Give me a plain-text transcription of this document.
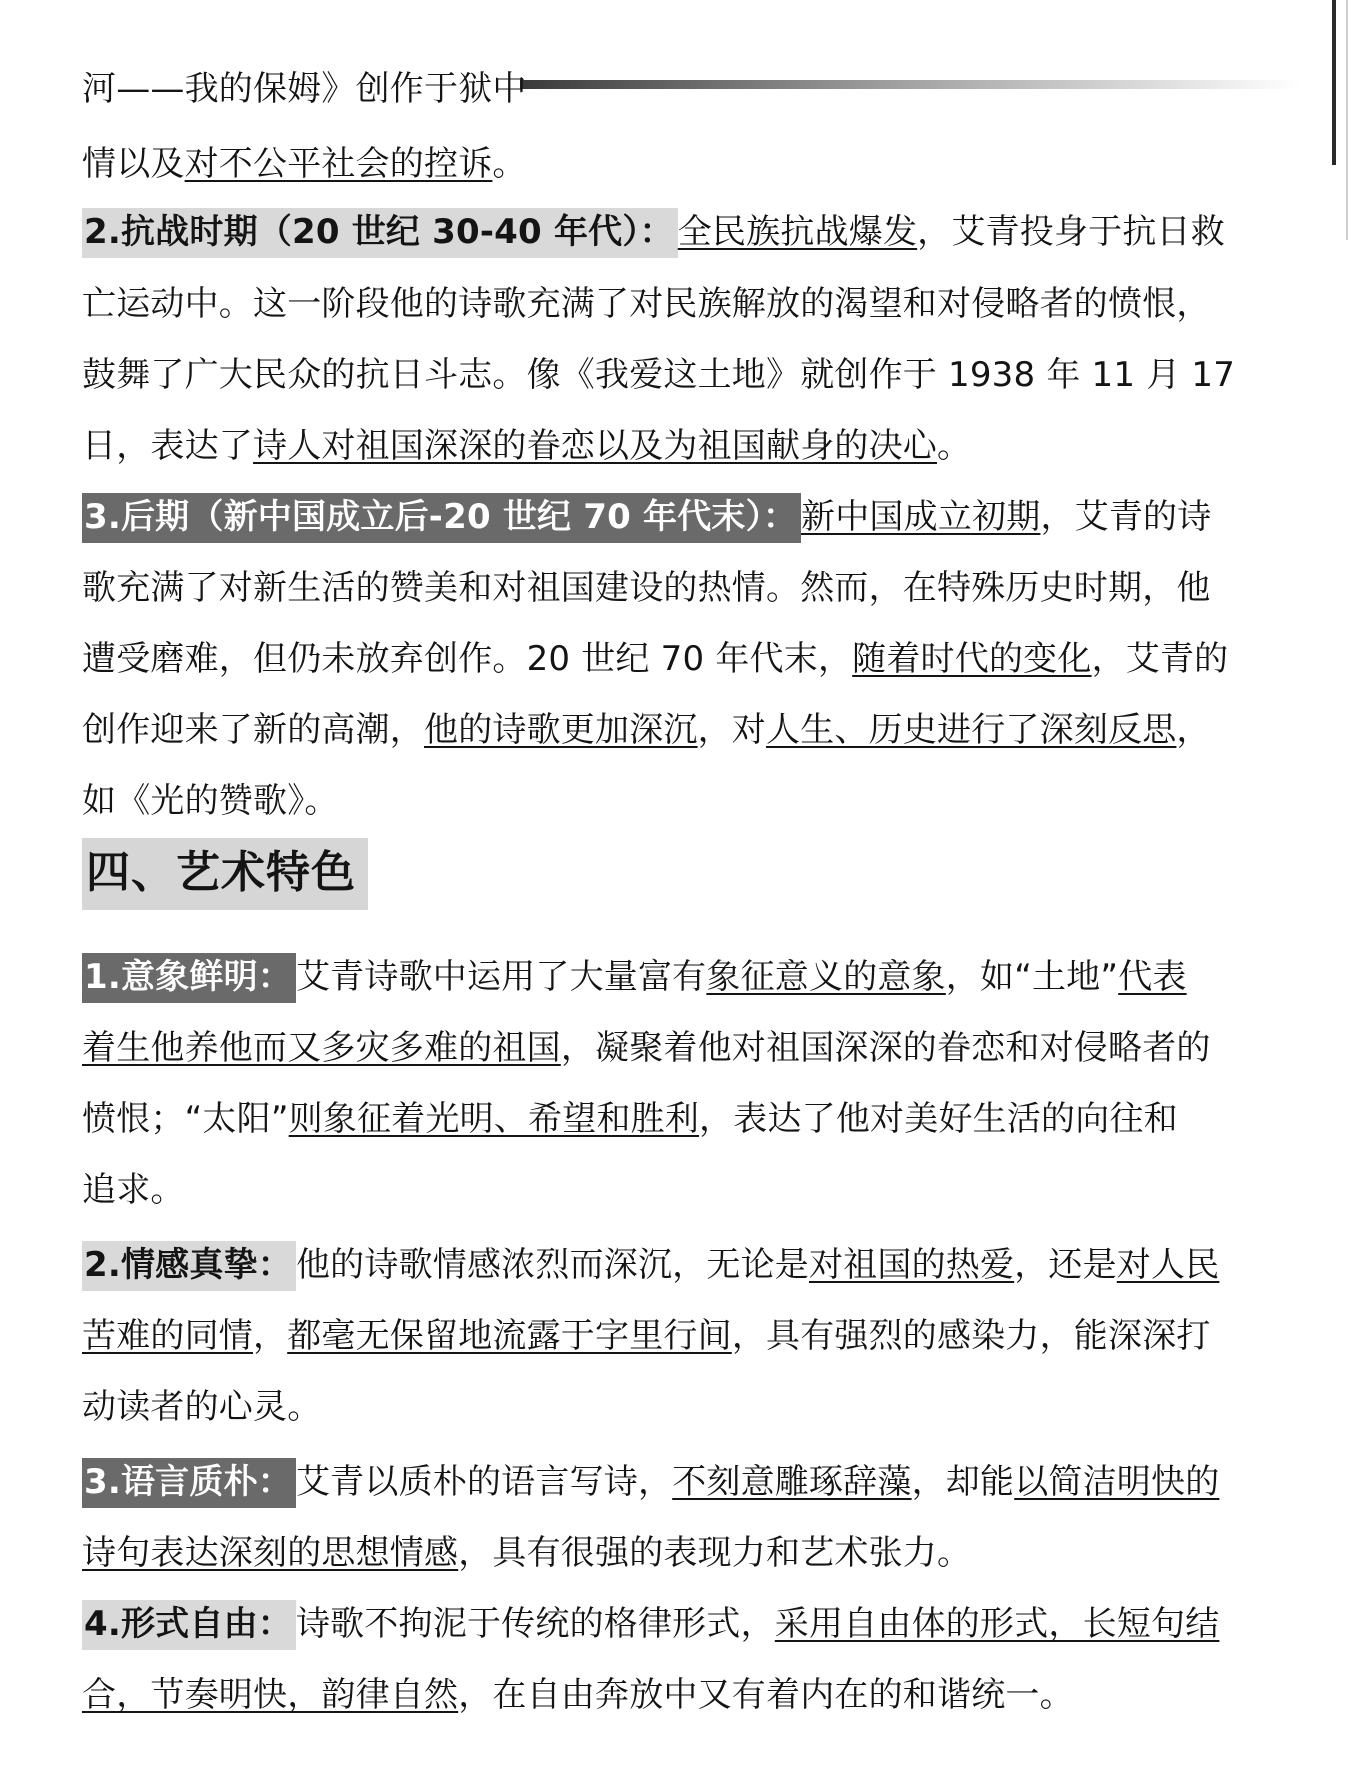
河——我的保姆》创作于狱中
情以及对不公平社会的控诉。
2.抗战时期（20 世纪 30-40 年代）： 全民族抗战爆发，艾青投身于抗日救
亡运动中。这一阶段他的诗歌充满了对民族解放的渴望和对侵略者的愤恨，
鼓舞了广大民众的抗日斗志。像《我爱这土地》就创作于 1938 年 11 月 17
日，表达了诗人对祖国深深的眷恋以及为祖国献身的决心。
3.后期（新中国成立后-20 世纪 70 年代末）： 新中国成立初期，艾青的诗
歌充满了对新生活的赞美和对祖国建设的热情。然而，在特殊历史时期，他
遭受磨难，但仍未放弃创作。20 世纪 70 年代末，随着时代的变化，艾青的
创作迎来了新的高潮，他的诗歌更加深沉，对人生、历史进行了深刻反思，
如《光的赞歌》。
四、艺术特色
1.意象鲜明： 艾青诗歌中运用了大量富有象征意义的意象，如“土地”代表
着生他养他而又多灾多难的祖国，凝聚着他对祖国深深的眷恋和对侵略者的
愤恨；“太阳”则象征着光明、希望和胜利，表达了他对美好生活的向往和
追求。
2.情感真挚： 他的诗歌情感浓烈而深沉，无论是对祖国的热爱，还是对人民
苦难的同情，都毫无保留地流露于字里行间，具有强烈的感染力，能深深打
动读者的心灵。
3.语言质朴： 艾青以质朴的语言写诗，不刻意雕琢辞藻，却能以简洁明快的
诗句表达深刻的思想情感，具有很强的表现力和艺术张力。
4.形式自由： 诗歌不拘泥于传统的格律形式，采用自由体的形式，长短句结
合，节奏明快，韵律自然，在自由奔放中又有着内在的和谐统一。
